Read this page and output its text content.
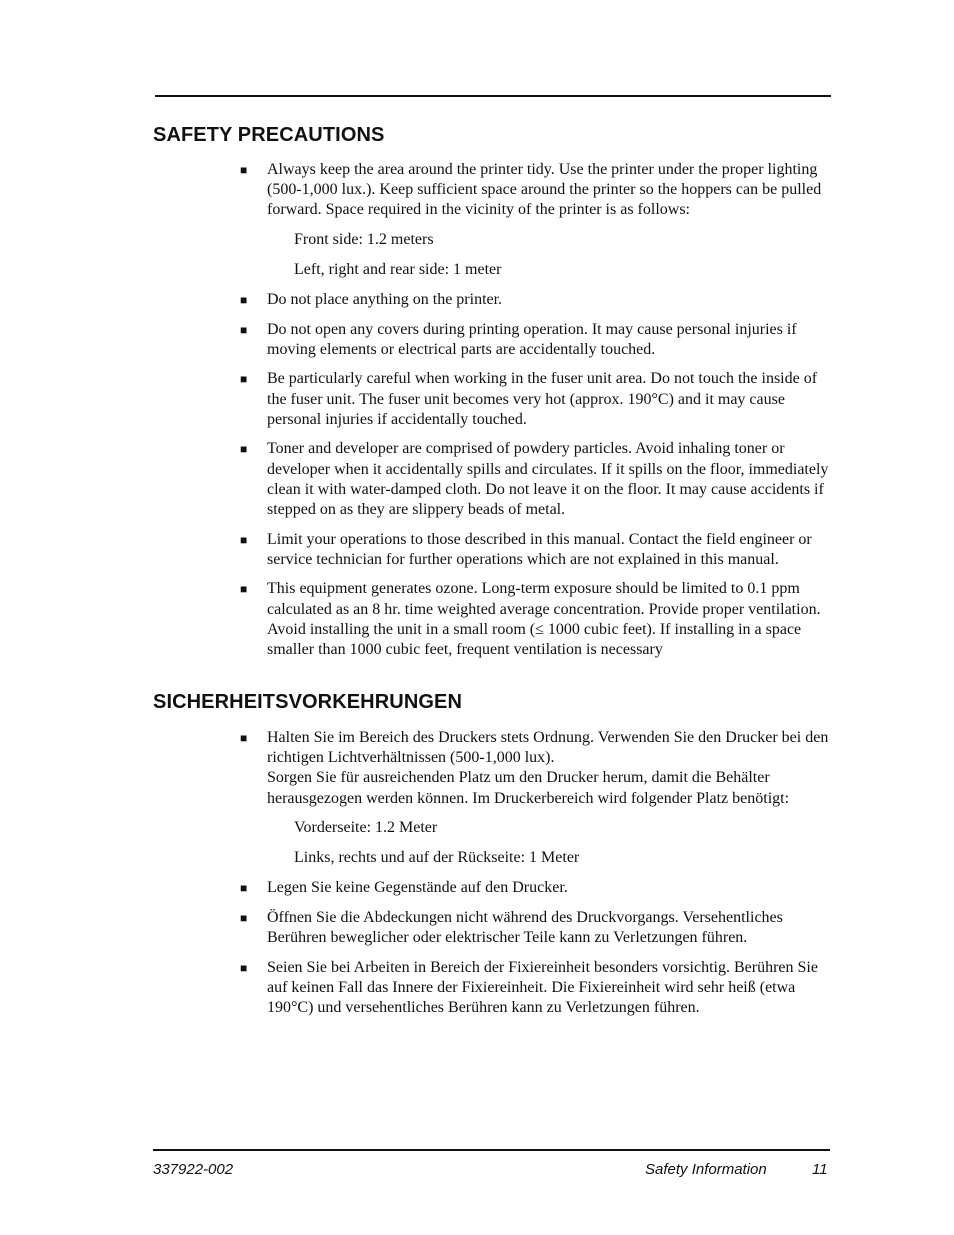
SAFETY PRECAUTIONS
■ Always keep the area around the printer tidy. Use the printer under the proper lighting (500-1,000 lux.). Keep sufficient space around the printer so the hoppers can be pulled forward. Space required in the vicinity of the printer is as follows:

Front side: 1.2 meters
Left, right and rear side: 1 meter
■ Do not place anything on the printer.

■ Do not open any covers during printing operation. It may cause personal injuries if moving elements or electrical parts are accidentally touched.

■ Be particularly careful when working in the fuser unit area. Do not touch the inside of the fuser unit. The fuser unit becomes very hot (approx. 190°C) and it may cause personal injuries if accidentally touched.

■ Toner and developer are comprised of powdery particles. Avoid inhaling toner or developer when it accidentally spills and circulates. If it spills on the floor, immediately clean it with water-damped cloth. Do not leave it on the floor. It may cause accidents if stepped on as they are slippery beads of metal.

■ Limit your operations to those described in this manual. Contact the field engineer or service technician for further operations which are not explained in this manual.

■ This equipment generates ozone. Long-term exposure should be limited to 0.1 ppm calculated as an 8 hr. time weighted average concentration. Provide proper ventilation. Avoid installing the unit in a small room (≤ 1000 cubic feet). If installing in a space smaller than 1000 cubic feet, frequent ventilation is necessary

SICHERHEITSVORKEHRUNGEN
■ Halten Sie im Bereich des Druckers stets Ordnung. Verwenden Sie den Drucker bei den richtigen Lichtverhältnissen (500-1,000 lux).

Sorgen Sie für ausreichenden Platz um den Drucker herum, damit die Behälter herausgezogen werden können. Im Druckerbereich wird folgender Platz benötigt:

Vorderseite: 1.2 Meter
Links, rechts und auf der Rückseite: 1 Meter
■ Legen Sie keine Gegenstände auf den Drucker.

■ Öffnen Sie die Abdeckungen nicht während des Druckvorgangs. Versehentliches Berühren beweglicher oder elektrischer Teile kann zu Verletzungen führen.

■ Seien Sie bei Arbeiten in Bereich der Fixiereinheit besonders vorsichtig. Berühren Sie auf keinen Fall das Innere der Fixiereinheit. Die Fixiereinheit wird sehr heiß (etwa 190°C) und versehentliches Berühren kann zu Verletzungen führen.

337922-002	Safety Information	11
